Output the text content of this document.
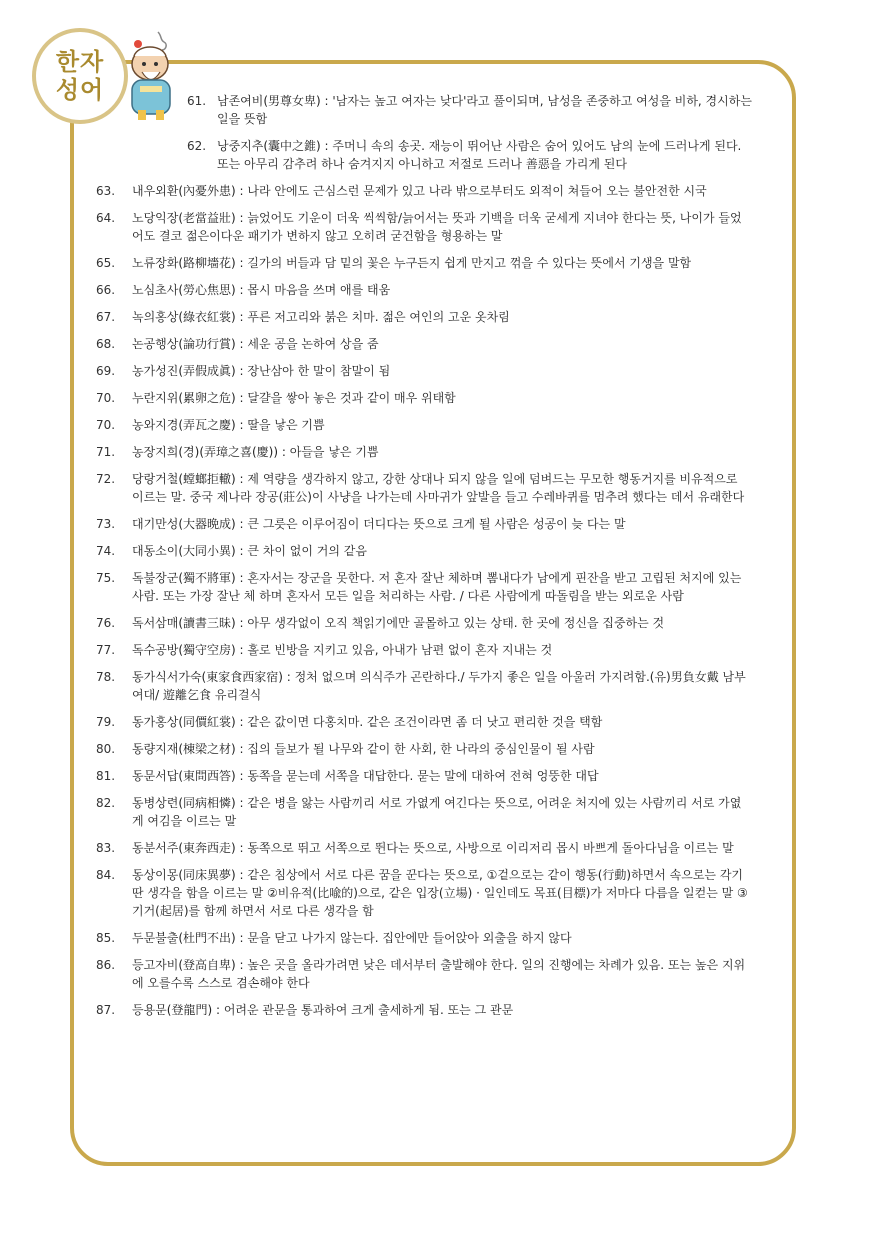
한자
성어	61. 남존여비(男尊女卑) : '남자는 높고 여자는 낮다'라고 풀이되며, 남성을 존중하고 여성을 비하, 경시하는 일을 뜻함
62. 낭중지추(囊中之錐) : 주머니 속의 송곳. 재능이 뛰어난 사람은 숨어 있어도 남의 눈에 드러나게 된다. 또는 아무리 감추려 하나 숨겨지지 아니하고 저절로 드러나 善惡을 가리게 된다
63.	내우외환(內憂外患) : 나라 안에도 근심스런 문제가 있고 나라 밖으로부터도 외적이 쳐들어 오는 불안전한 시국
64.	노당익장(老當益壯) : 늙었어도 기운이 더욱 씩씩함/늙어서는 뜻과 기백을 더욱 굳세게 지녀야 한다는 뜻, 나이가 들었어도 결코 젊은이다운 패기가 변하지 않고 오히려 굳건함을 형용하는 말
65.	노류장화(路柳墻花) : 길가의 버들과 담 밑의 꽃은 누구든지 쉽게 만지고 꺾을 수 있다는 뜻에서 기생을 말함
66.	노심초사(勞心焦思) : 몹시 마음을 쓰며 애를 태움
67.	녹의홍상(綠衣紅裳) : 푸른 저고리와 붉은 치마. 젊은 여인의 고운 옷차림
68.	논공행상(論功行賞) : 세운 공을 논하여 상을 줌
69.	농가성진(弄假成眞) : 장난삼아 한 말이 참말이 됨
70.	누란지위(累卵之危) : 달걀을 쌓아 놓은 것과 같이 매우 위태함
70.	농와지경(弄瓦之慶) : 딸을 낳은 기쁨
71.	농장지희(경)(弄璋之喜(慶)) : 아들을 낳은 기쁨
72.	당랑거철(螳螂拒轍) : 제 역량을 생각하지 않고, 강한 상대나 되지 않을 일에 덤벼드는 무모한 행동거지를 비유적으로 이르는 말. 중국 제나라 장공(莊公)이 사냥을 나가는데 사마귀가 앞발을 들고 수레바퀴를 멈추려 했다는 데서 유래한다
73.	대기만성(大器晩成) : 큰 그릇은 이루어짐이 더디다는 뜻으로 크게 될 사람은 성공이 늦 다는 말
74.	대동소이(大同小異) : 큰 차이 없이 거의 같음
75.	독불장군(獨不將軍) : 혼자서는 장군을 못한다. 저 혼자 잘난 체하며 뽐내다가 남에게 핀잔을 받고 고립된 처지에 있는 사람. 또는 가장 잘난 체 하며 혼자서 모든 일을 처리하는 사람. / 다른 사람에게 따돌림을 받는 외로운 사람
76.	독서삼매(讀書三昧) : 아무 생각없이 오직 책읽기에만 골몰하고 있는 상태. 한 곳에 정신을 집중하는 것
77.	독수공방(獨守空房) : 홀로 빈방을 지키고 있음, 아내가 남편 없이 혼자 지내는 것
78.	동가식서가숙(東家食西家宿) : 정처 없으며 의식주가 곤란하다./ 두가지 좋은 일을 아울러 가지려함.(유)男負女戴 남부여대/ 遊離乞食 유리걸식
79.	동가홍상(同價紅裳) : 같은 값이면 다홍치마. 같은 조건이라면 좀 더 낫고 편리한 것을 택함
80.	동량지재(棟梁之材) : 집의 들보가 될 나무와 같이 한 사회, 한 나라의 중심인물이 될 사람
81.	동문서답(東問西答) : 동쪽을 묻는데 서쪽을 대답한다. 묻는 말에 대하여 전혀 엉뚱한 대답
82.	동병상련(同病相憐) : 같은 병을 앓는 사람끼리 서로 가엾게 여긴다는 뜻으로, 어려운 처지에 있는 사람끼리 서로 가엾게 여김을 이르는 말
83.	동분서주(東奔西走) : 동쪽으로 뛰고 서쪽으로 뛴다는 뜻으로, 사방으로 이리저리 몹시 바쁘게 돌아다님을 이르는 말
84.	동상이몽(同床異夢) : 같은 침상에서 서로 다른 꿈을 꾼다는 뜻으로, ①겉으로는 같이 행동(行動)하면서 속으로는 각기 딴 생각을 함을 이르는 말 ②비유적(比喩的)으로, 같은 입장(立場) · 일인데도 목표(目標)가 저마다 다름을 일컫는 말 ③기거(起居)를 함께 하면서 서로 다른 생각을 함
85.	두문불출(杜門不出) : 문을 닫고 나가지 않는다. 집안에만 들어앉아 외출을 하지 않다
86.	등고자비(登高自卑) : 높은 곳을 올라가려면 낮은 데서부터 출발해야 한다. 일의 진행에는 차례가 있음. 또는 높은 지위에 오를수록 스스로 겸손해야 한다
87.	등용문(登龍門) : 어려운 관문을 통과하여 크게 출세하게 됨. 또는 그 관문
